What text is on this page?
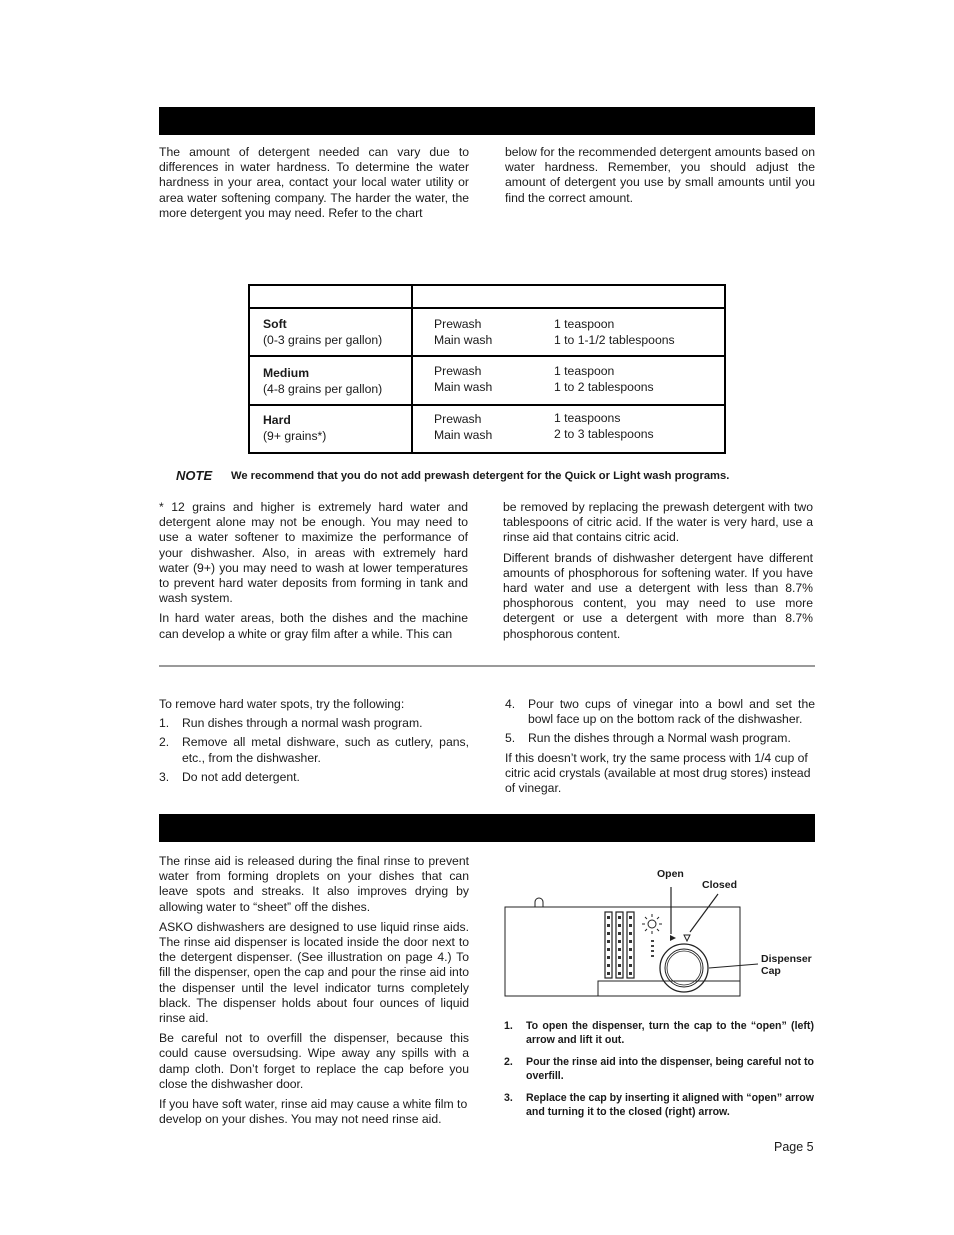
The amount of detergent needed can vary due to differences in water hardness. To determine the water hardness in your area, contact your local water utility or area water softening company. The harder the water, the more detergent you may need. Refer to the chart

below for the recommended detergent amounts based on water hardness. Remember, you should adjust the amount of detergent you use by small amounts until you find the correct amount.

Soft
(0-3 grains per gallon)
Prewash
Main wash
1 teaspoon
1 to 1-1/2 tablespoons
Medium
(4-8 grains per gallon)
Prewash
Main wash
1 teaspoon
1 to 2 tablespoons
Hard
(9+ grains*)
Prewash
Main wash
1 teaspoons
2 to 3 tablespoons
NOTE We recommend that you do not add prewash detergent for the Quick or Light wash programs.

* 12 grains and higher is extremely hard water and detergent alone may not be enough. You may need to use a water softener to maximize the performance of your dishwasher. Also, in areas with extremely hard water (9+) you may need to wash at lower temperatures to prevent hard water deposits from forming in tank and wash system.

In hard water areas, both the dishes and the machine can develop a white or gray film after a while. This can

be removed by replacing the prewash detergent with two tablespoons of citric acid. If the water is very hard, use a rinse aid that contains citric acid.

Different brands of dishwasher detergent have different amounts of phosphorous for softening water. If you have hard water and use a detergent with less than 8.7% phosphorous content, you may need to use more detergent or use a detergent with more than 8.7% phosphorous content.

To remove hard water spots, try the following:

1. Run dishes through a normal wash program.
2. Remove all metal dishware, such as cutlery, pans, etc., from the dishwasher.
3. Do not add detergent.
4. Pour two cups of vinegar into a bowl and set the bowl face up on the bottom rack of the dishwasher.
5. Run the dishes through a Normal wash program.

If this doesn’t work, try the same process with 1/4 cup of citric acid crystals (available at most drug stores) instead of vinegar.

The rinse aid is released during the final rinse to prevent water from forming droplets on your dishes that can leave spots and streaks. It also improves drying by allowing water to “sheet” off the dishes.

ASKO dishwashers are designed to use liquid rinse aids. The rinse aid dispenser is located inside the door next to the detergent dispenser. (See illustration on page 4.) To fill the dispenser, open the cap and pour the rinse aid into the dispenser until the level indicator turns completely black. The dispenser holds about four ounces of liquid rinse aid.

Be careful not to overfill the dispenser, because this could cause oversudsing. Wipe away any spills with a damp cloth. Don’t forget to replace the cap before you close the dishwasher door.

If you have soft water, rinse aid may cause a white film to develop on your dishes. You may not need rinse aid.

Open
Closed
Dispenser
Cap
1. To open the dispenser, turn the cap to the “open” (left) arrow and lift it out.
2. Pour the rinse aid into the dispenser, being careful not to overfill.
3. Replace the cap by inserting it aligned with “open” arrow and turning it to the closed (right) arrow.
Page 5
